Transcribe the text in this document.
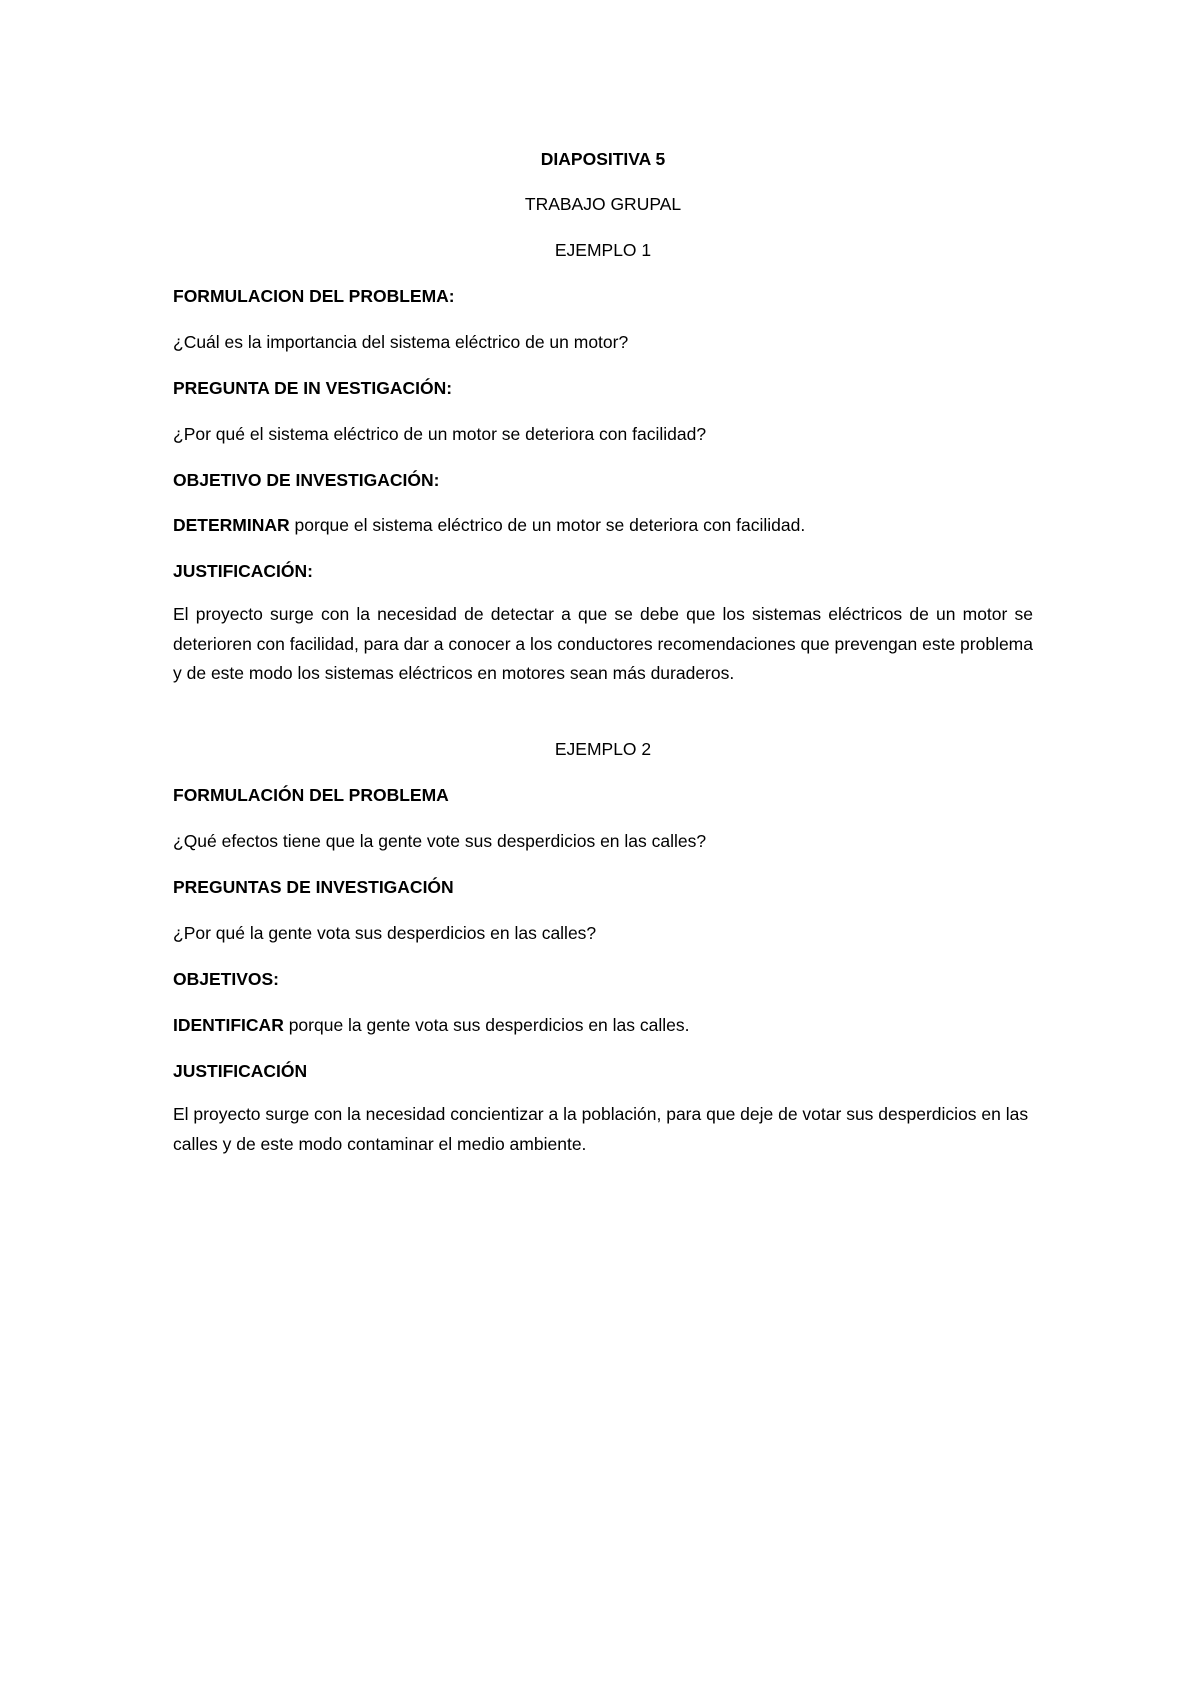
DIAPOSITIVA 5

TRABAJO GRUPAL

EJEMPLO 1

FORMULACION DEL PROBLEMA:

¿Cuál es la importancia del sistema eléctrico de un motor?

PREGUNTA DE IN VESTIGACIÓN:

¿Por qué el sistema eléctrico de un motor se deteriora con facilidad?

OBJETIVO DE INVESTIGACIÓN:

DETERMINAR porque el sistema eléctrico de un motor se deteriora con facilidad.

JUSTIFICACIÓN:

El proyecto surge con la necesidad de detectar a que se debe que los sistemas eléctricos de un motor se deterioren con facilidad, para dar a conocer a los conductores recomendaciones que prevengan este problema y de este modo los sistemas eléctricos en motores sean más duraderos.

EJEMPLO 2

FORMULACIÓN DEL PROBLEMA

¿Qué efectos tiene que la gente vote sus desperdicios en las calles?

PREGUNTAS DE INVESTIGACIÓN

¿Por qué la gente vota sus desperdicios en las calles?

OBJETIVOS:

IDENTIFICAR porque la gente vota sus desperdicios en las calles.

JUSTIFICACIÓN

El proyecto surge con la necesidad concientizar a la población, para que deje de votar sus desperdicios en las calles y de este modo contaminar el medio ambiente.
